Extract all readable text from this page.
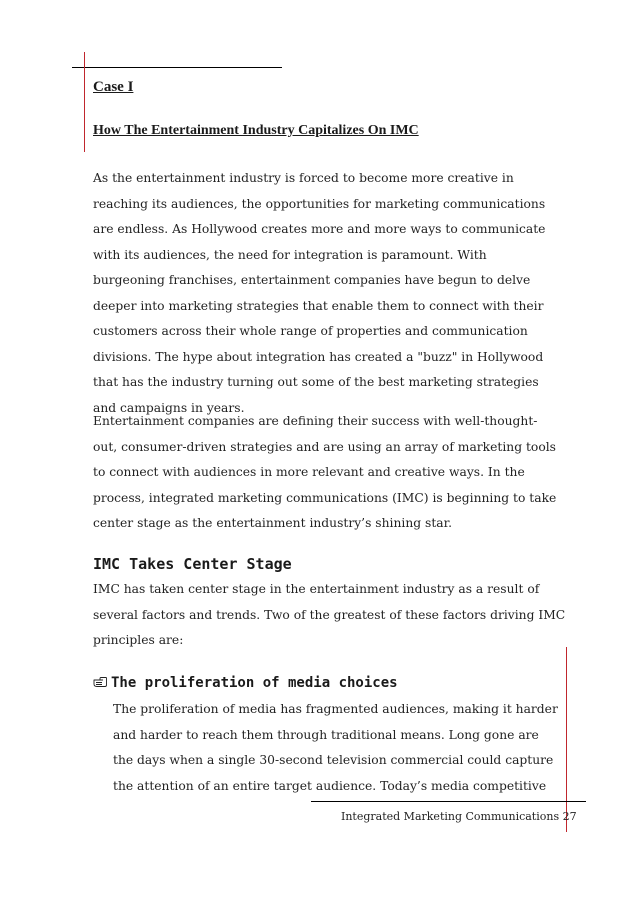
Case I
How The Entertainment Industry Capitalizes On IMC

As the entertainment industry is forced to become more creative in
reaching its audiences, the opportunities for marketing communications
are endless. As Hollywood creates more and more ways to communicate
with its audiences, the need for integration is paramount. With
burgeoning franchises, entertainment companies have begun to delve
deeper into marketing strategies that enable them to connect with their
customers across their whole range of properties and communication
divisions. The hype about integration has created a "buzz" in Hollywood
that has the industry turning out some of the best marketing strategies
and campaigns in years.

Entertainment companies are defining their success with well-thought-
out, consumer-driven strategies and are using an array of marketing tools
to connect with audiences in more relevant and creative ways. In the
process, integrated marketing communications (IMC) is beginning to take
center stage as the entertainment industry’s shining star.

IMC Takes Center Stage

IMC has taken center stage in the entertainment industry as a result of
several factors and trends. Two of the greatest of these factors driving IMC
principles are:

The proliferation of media choices

The proliferation of media has fragmented audiences, making it harder
and harder to reach them through traditional means. Long gone are
the days when a single 30-second television commercial could capture
the attention of an entire target audience. Today’s media competitive

Integrated Marketing Communications 27
